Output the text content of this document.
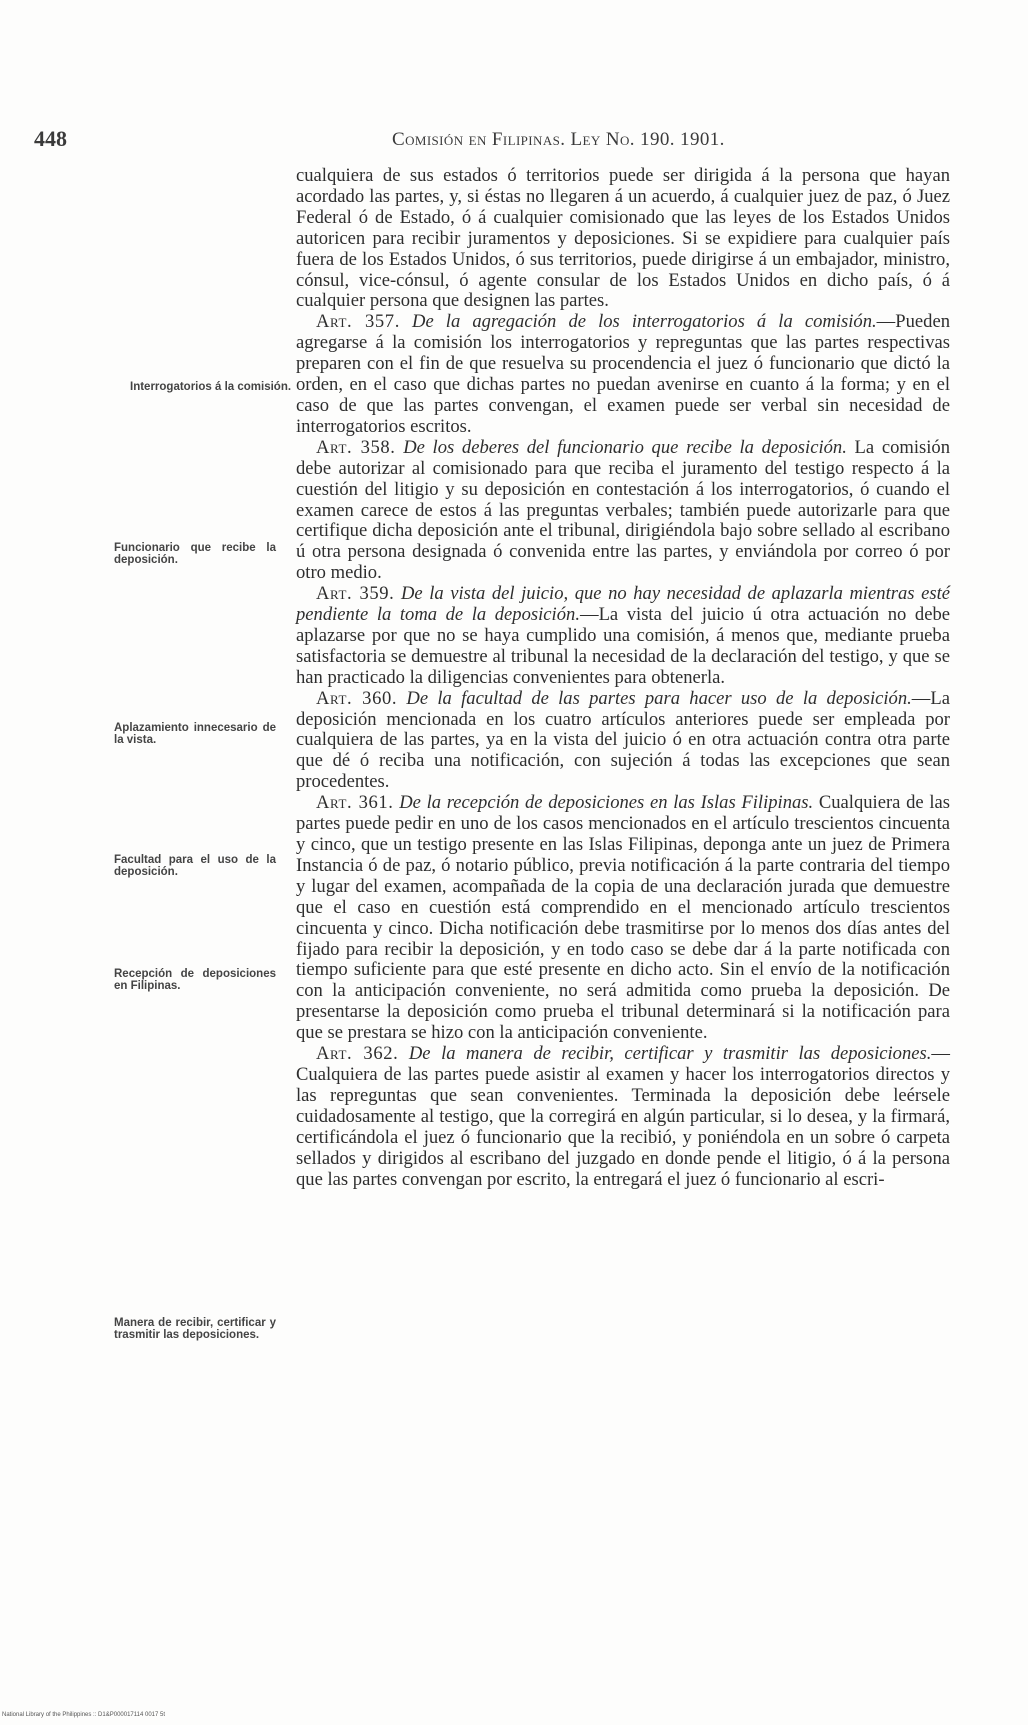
448	Comisión en Filipinas. Ley No. 190. 1901.
Interrogatorios á la comisión.
Funcionario que recibe la deposición.
Aplazamiento innecesario de la vista.
Facultad para el uso de la deposición.
Recepción de deposiciones en Filipinas.
Manera de recibir, certificar y trasmitir las deposiciones.

cualquiera de sus estados ó territorios puede ser dirigida á la persona que hayan acordado las partes, y, si éstas no llegaren á un acuerdo, á cualquier juez de paz, ó Juez Federal ó de Estado, ó á cualquier comisionado que las leyes de los Estados Unidos autoricen para recibir juramentos y deposiciones. Si se expidiere para cualquier país fuera de los Estados Unidos, ó sus territorios, puede dirigirse á un embajador, ministro, cónsul, vice-cónsul, ó agente consular de los Estados Unidos en dicho país, ó á cualquier persona que designen las partes.

Art. 357. De la agregación de los interrogatorios á la comisión.—Pueden agregarse á la comisión los interrogatorios y repreguntas que las partes respectivas preparen con el fin de que resuelva su procendencia el juez ó funcionario que dictó la orden, en el caso que dichas partes no puedan avenirse en cuanto á la forma; y en el caso de que las partes convengan, el examen puede ser verbal sin necesidad de interrogatorios escritos.

Art. 358. De los deberes del funcionario que recibe la deposición. La comisión debe autorizar al comisionado para que reciba el juramento del testigo respecto á la cuestión del litigio y su deposición en contestación á los interrogatorios, ó cuando el examen carece de estos á las preguntas verbales; también puede autorizarle para que certifique dicha deposición ante el tribunal, dirigiéndola bajo sobre sellado al escribano ú otra persona designada ó convenida entre las partes, y enviándola por correo ó por otro medio.

Art. 359. De la vista del juicio, que no hay necesidad de aplazarla mientras esté pendiente la toma de la deposición.—La vista del juicio ú otra actuación no debe aplazarse por que no se haya cumplido una comisión, á menos que, mediante prueba satisfactoria se demuestre al tribunal la necesidad de la declaración del testigo, y que se han practicado la diligencias convenientes para obtenerla.

Art. 360. De la facultad de las partes para hacer uso de la deposición.—La deposición mencionada en los cuatro artículos anteriores puede ser empleada por cualquiera de las partes, ya en la vista del juicio ó en otra actuación contra otra parte que dé ó reciba una notificación, con sujeción á todas las excepciones que sean procedentes.

Art. 361. De la recepción de deposiciones en las Islas Filipinas. Cualquiera de las partes puede pedir en uno de los casos mencionados en el artículo trescientos cincuenta y cinco, que un testigo presente en las Islas Filipinas, deponga ante un juez de Primera Instancia ó de paz, ó notario público, previa notificación á la parte contraria del tiempo y lugar del examen, acompañada de la copia de una declaración jurada que demuestre que el caso en cuestión está comprendido en el mencionado artículo trescientos cincuenta y cinco. Dicha notificación debe trasmitirse por lo menos dos días antes del fijado para recibir la deposición, y en todo caso se debe dar á la parte notificada con tiempo suficiente para que esté presente en dicho acto. Sin el envío de la notificación con la anticipación conveniente, no será admitida como prueba la deposición. De presentarse la deposición como prueba el tribunal determinará si la notificación para que se prestara se hizo con la anticipación conveniente.

Art. 362. De la manera de recibir, certificar y trasmitir las deposiciones.—Cualquiera de las partes puede asistir al examen y hacer los interrogatorios directos y las repreguntas que sean convenientes. Terminada la deposición debe leérsele cuidadosamente al testigo, que la corregirá en algún particular, si lo desea, y la firmará, certificándola el juez ó funcionario que la recibió, y poniéndola en un sobre ó carpeta sellados y dirigidos al escribano del juzgado en donde pende el litigio, ó á la persona que las partes convengan por escrito, la entregará el juez ó funcionario al escri-

National Library of the Philippines :: D1&P000017114 0017 5t
